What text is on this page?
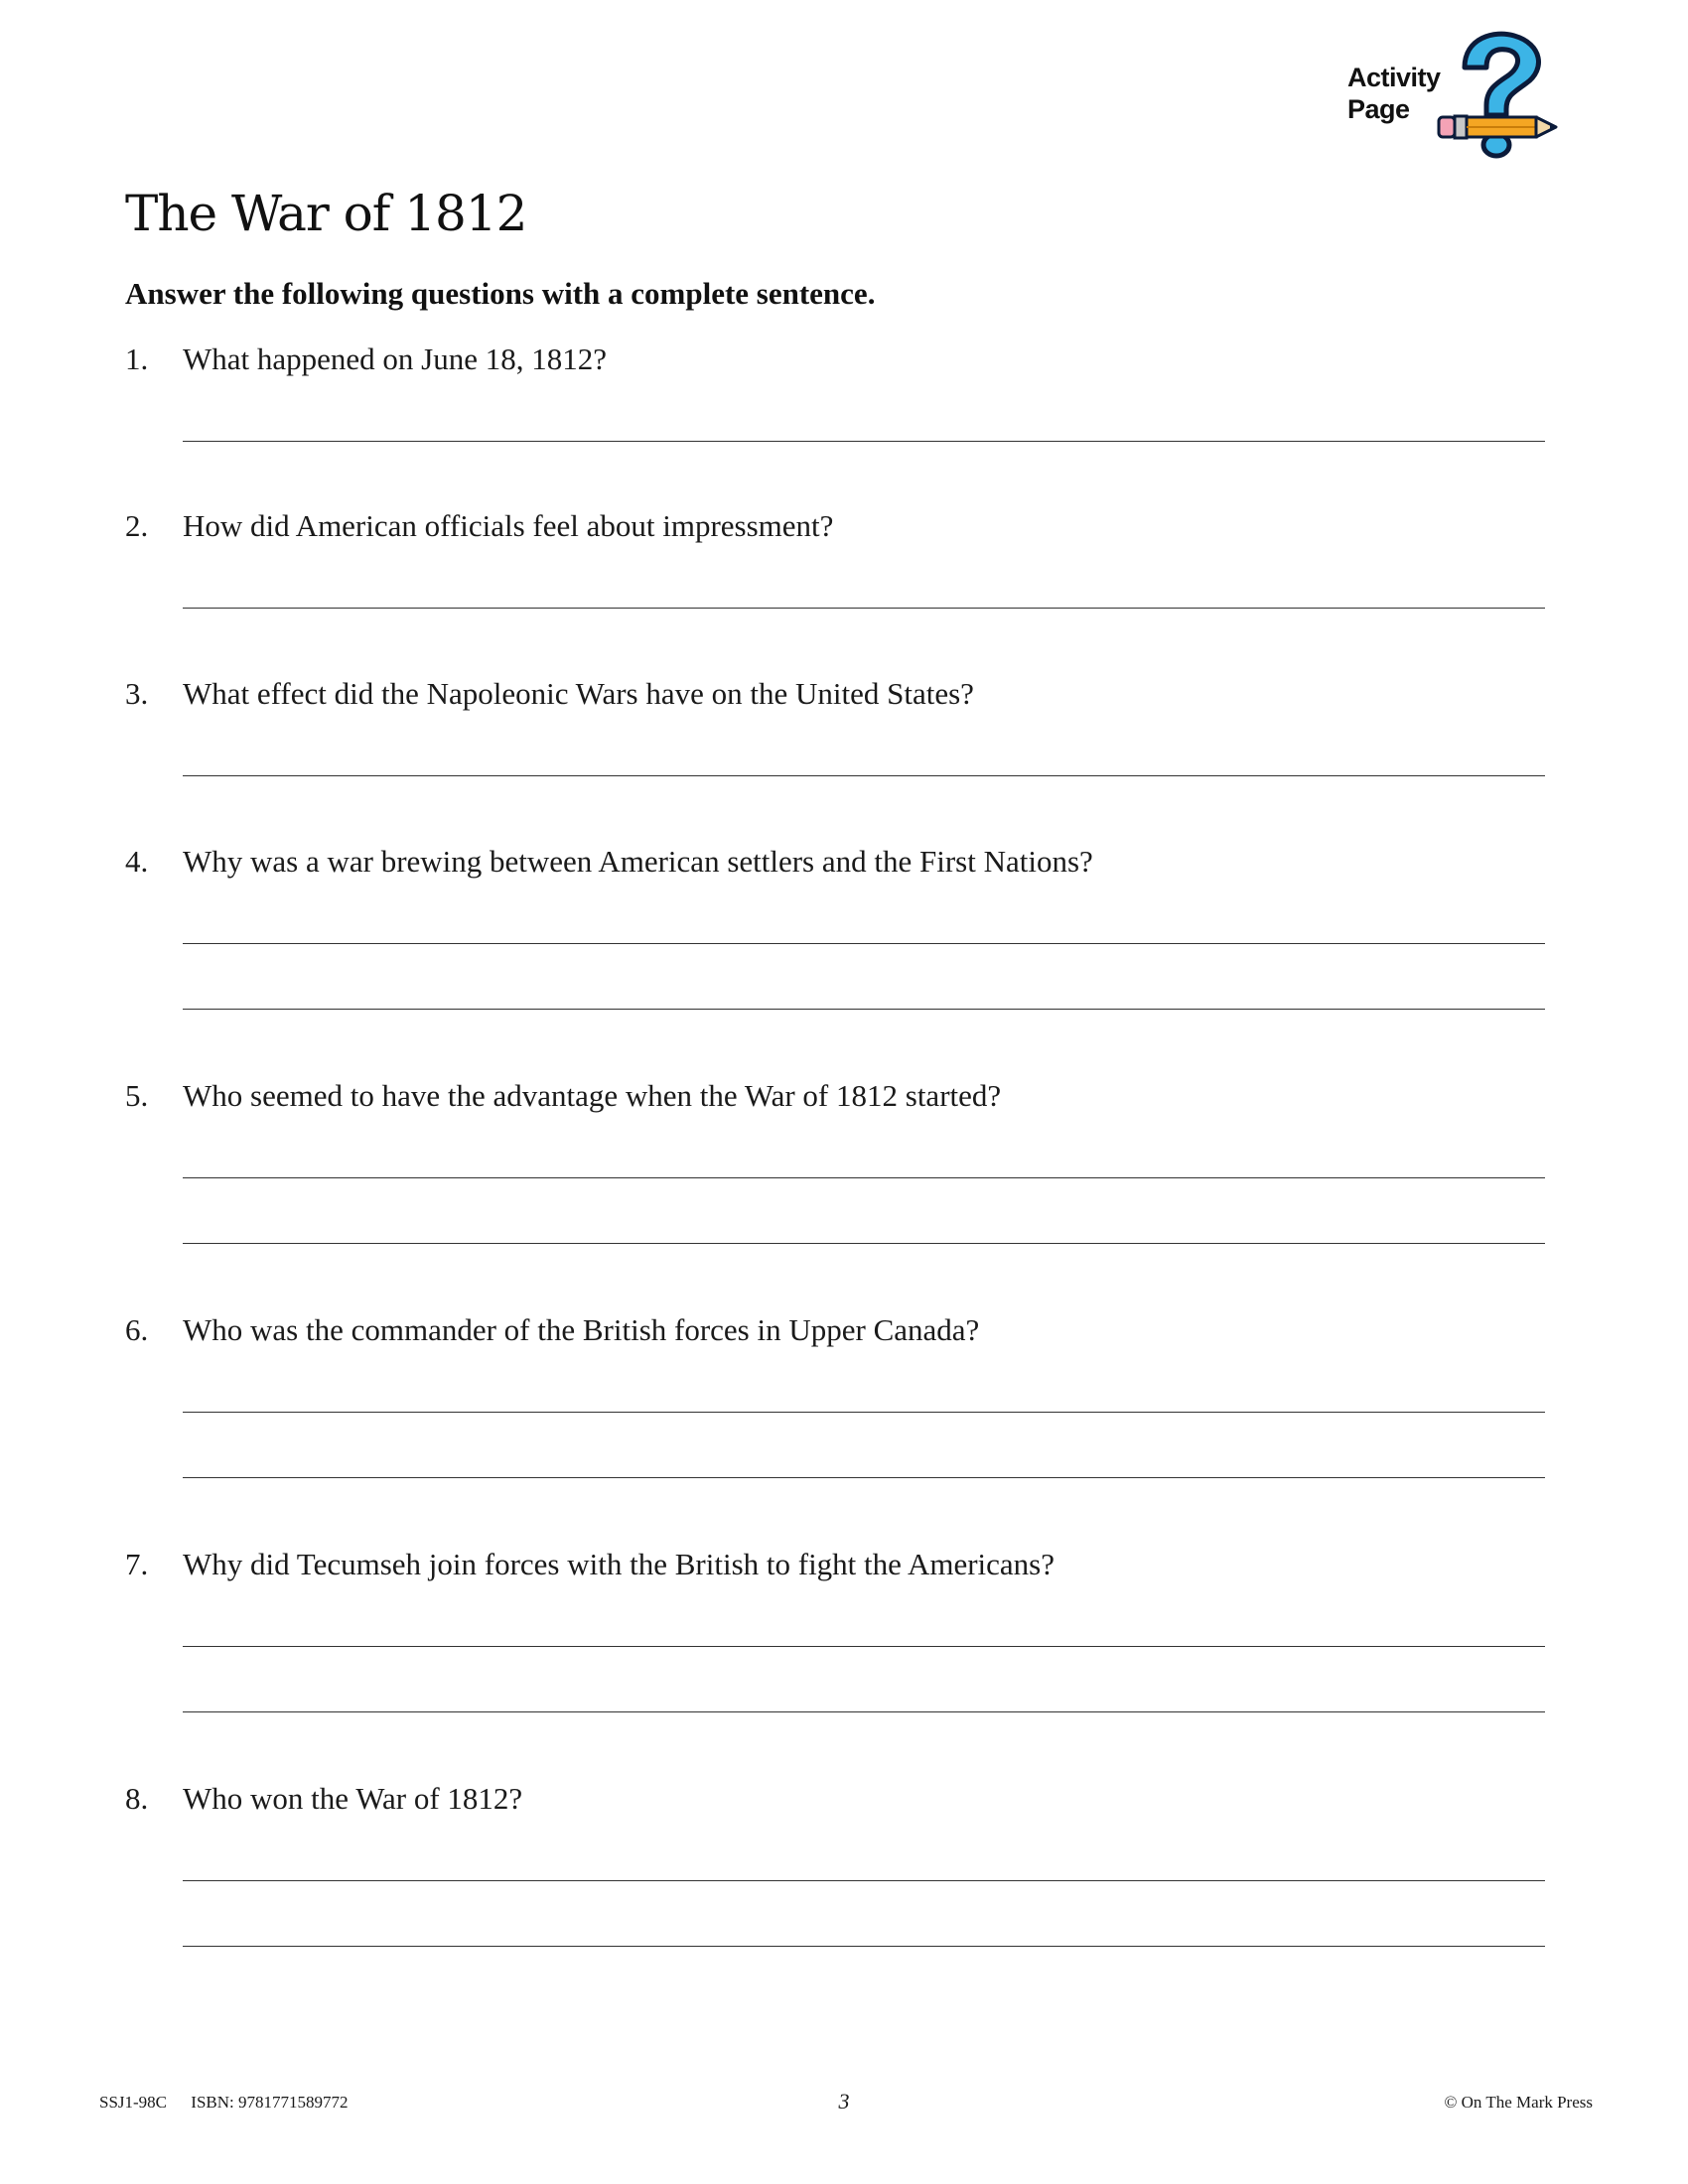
Activity
Page
The War of 1812
Answer the following questions with a complete sentence.
1. What happened on June 18, 1812?
2. How did American officials feel about impressment?
3. What effect did the Napoleonic Wars have on the United States?
4. Why was a war brewing between American settlers and the First Nations?
5. Who seemed to have the advantage when the War of 1812 started?
6. Who was the commander of the British forces in Upper Canada?
7. Why did Tecumseh join forces with the British to fight the Americans?
8. Who won the War of 1812?
SSJ1-98C ISBN: 9781771589772	3	© On The Mark Press
